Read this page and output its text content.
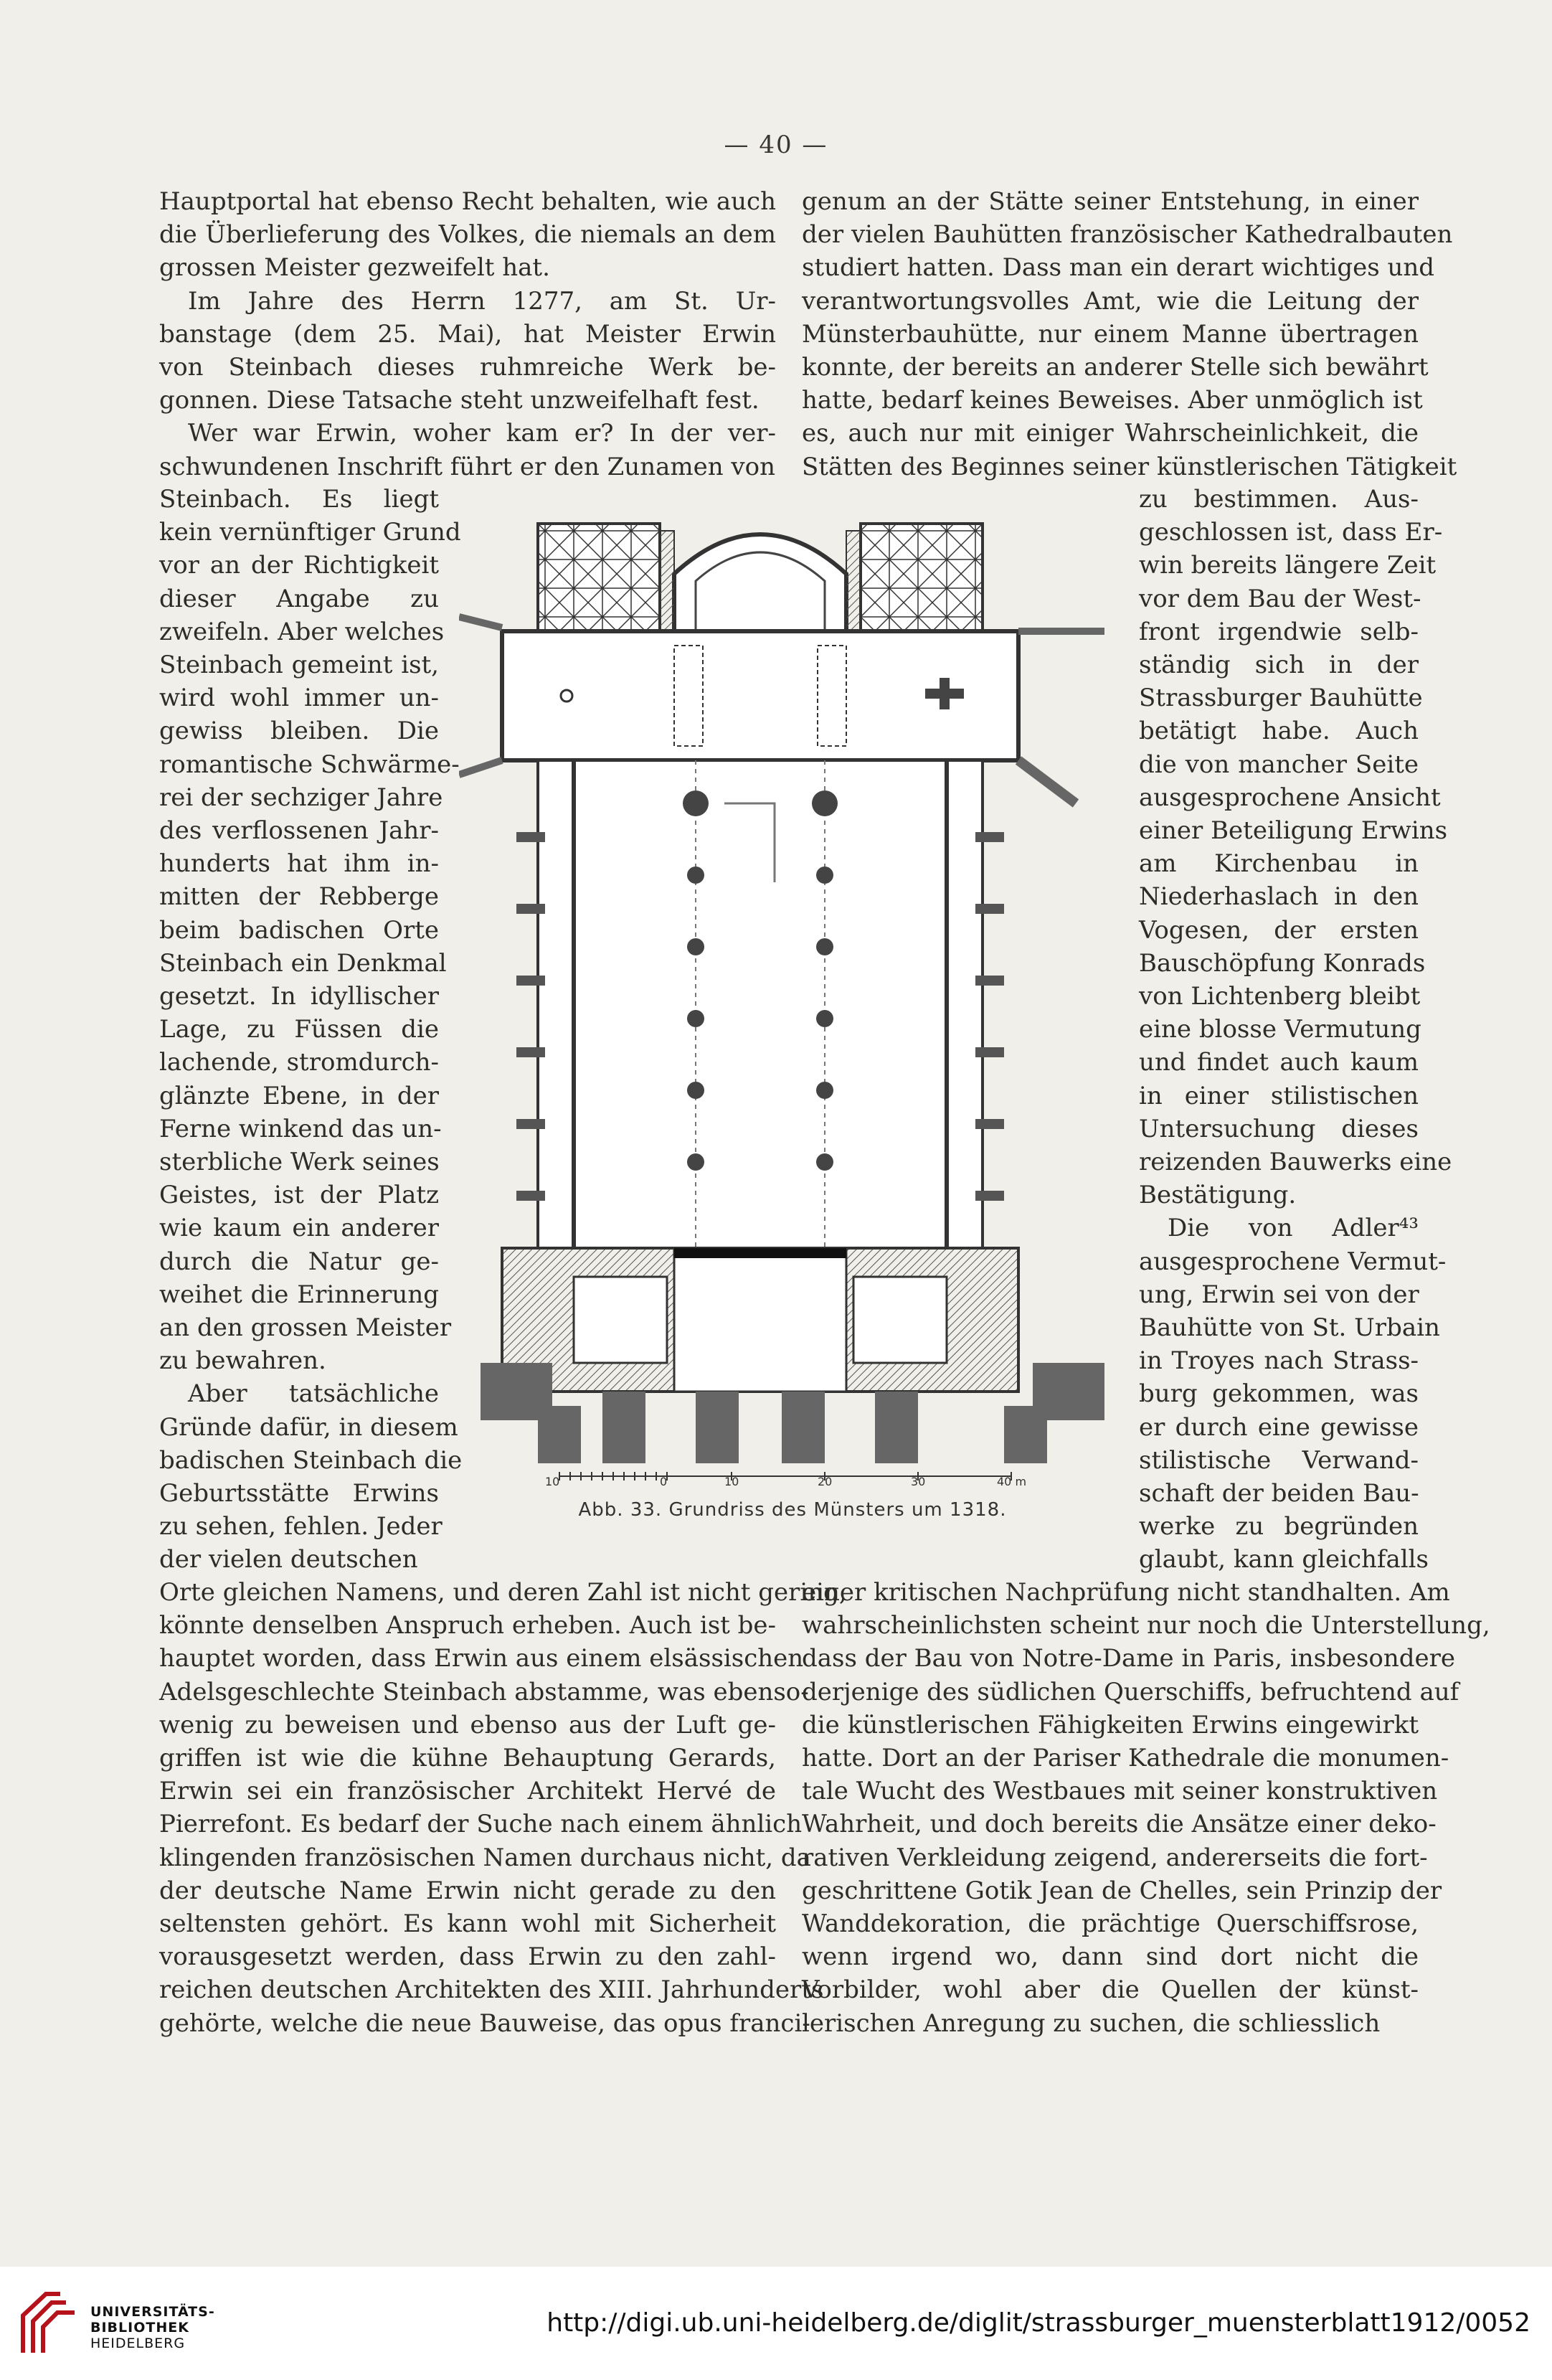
— 40 —
Hauptportal hat ebenso Recht behalten, wie auch
die Überlieferung des Volkes, die niemals an dem
grossen Meister gezweifelt hat.
Im Jahre des Herrn 1277, am St. Ur-
banstage (dem 25. Mai), hat Meister Erwin
von Steinbach dieses ruhmreiche Werk be-
gonnen. Diese Tatsache steht unzweifelhaft fest.
Wer war Erwin, woher kam er? In der ver-
schwundenen Inschrift führt er den Zunamen von
Steinbach. Es liegt
kein vernünftiger Grund
vor an der Richtigkeit
dieser Angabe zu
zweifeln. Aber welches
Steinbach gemeint ist,
wird wohl immer un-
gewiss bleiben. Die
romantische Schwärme-
rei der sechziger Jahre
des verflossenen Jahr-
hunderts hat ihm in-
mitten der Rebberge
beim badischen Orte
Steinbach ein Denkmal
gesetzt. In idyllischer
Lage, zu Füssen die
lachende, stromdurch-
glänzte Ebene, in der
Ferne winkend das un-
sterbliche Werk seines
Geistes, ist der Platz
wie kaum ein anderer
durch die Natur ge-
weihet die Erinnerung
an den grossen Meister
zu bewahren.
Aber tatsächliche
Gründe dafür, in diesem
badischen Steinbach die
Geburtsstätte Erwins
zu sehen, fehlen. Jeder
der vielen deutschen
Orte gleichen Namens, und deren Zahl ist nicht gering,
könnte denselben Anspruch erheben. Auch ist be-
hauptet worden, dass Erwin aus einem elsässischen
Adelsgeschlechte Steinbach abstamme, was ebenso-
wenig zu beweisen und ebenso aus der Luft ge-
griffen ist wie die kühne Behauptung Gerards,
Erwin sei ein französischer Architekt Hervé de
Pierrefont. Es bedarf der Suche nach einem ähnlich
klingenden französischen Namen durchaus nicht, da
der deutsche Name Erwin nicht gerade zu den
seltensten gehört. Es kann wohl mit Sicherheit
vorausgesetzt werden, dass Erwin zu den zahl-
reichen deutschen Architekten des XIII. Jahrhunderts
gehörte, welche die neue Bauweise, das opus franci-
genum an der Stätte seiner Entstehung, in einer
der vielen Bauhütten französischer Kathedralbauten
studiert hatten. Dass man ein derart wichtiges und
verantwortungsvolles Amt, wie die Leitung der
Münsterbauhütte, nur einem Manne übertragen
konnte, der bereits an anderer Stelle sich bewährt
hatte, bedarf keines Beweises. Aber unmöglich ist
es, auch nur mit einiger Wahrscheinlichkeit, die
Stätten des Beginnes seiner künstlerischen Tätigkeit
zu bestimmen. Aus-
geschlossen ist, dass Er-
win bereits längere Zeit
vor dem Bau der West-
front irgendwie selb-
ständig sich in der
Strassburger Bauhütte
betätigt habe. Auch
die von mancher Seite
ausgesprochene Ansicht
einer Beteiligung Erwins
am Kirchenbau in
Niederhaslach in den
Vogesen, der ersten
Bauschöpfung Konrads
von Lichtenberg bleibt
eine blosse Vermutung
und findet auch kaum
in einer stilistischen
Untersuchung dieses
reizenden Bauwerks eine
Bestätigung.
Die von Adler⁴³
ausgesprochene Vermut-
ung, Erwin sei von der
Bauhütte von St. Urbain
in Troyes nach Strass-
burg gekommen, was
er durch eine gewisse
stilistische Verwand-
schaft der beiden Bau-
werke zu begründen
glaubt, kann gleichfalls
einer kritischen Nachprüfung nicht standhalten. Am
wahrscheinlichsten scheint nur noch die Unterstellung,
dass der Bau von Notre-Dame in Paris, insbesondere
derjenige des südlichen Querschiffs, befruchtend auf
die künstlerischen Fähigkeiten Erwins eingewirkt
hatte. Dort an der Pariser Kathedrale die monumen-
tale Wucht des Westbaues mit seiner konstruktiven
Wahrheit, und doch bereits die Ansätze einer deko-
rativen Verkleidung zeigend, andererseits die fort-
geschrittene Gotik Jean de Chelles, sein Prinzip der
Wanddekoration, die prächtige Querschiffsrose,
wenn irgend wo, dann sind dort nicht die
Vorbilder, wohl aber die Quellen der künst-
lerischen Anregung zu suchen, die schliesslich
10	0	10	20	30	40 m
Abb. 33. Grundriss des Münsters um 1318.
UNIVERSITÄTS-
BIBLIOTHEK
HEIDELBERG
http://digi.ub.uni-heidelberg.de/diglit/strassburger_muensterblatt1912/0052
